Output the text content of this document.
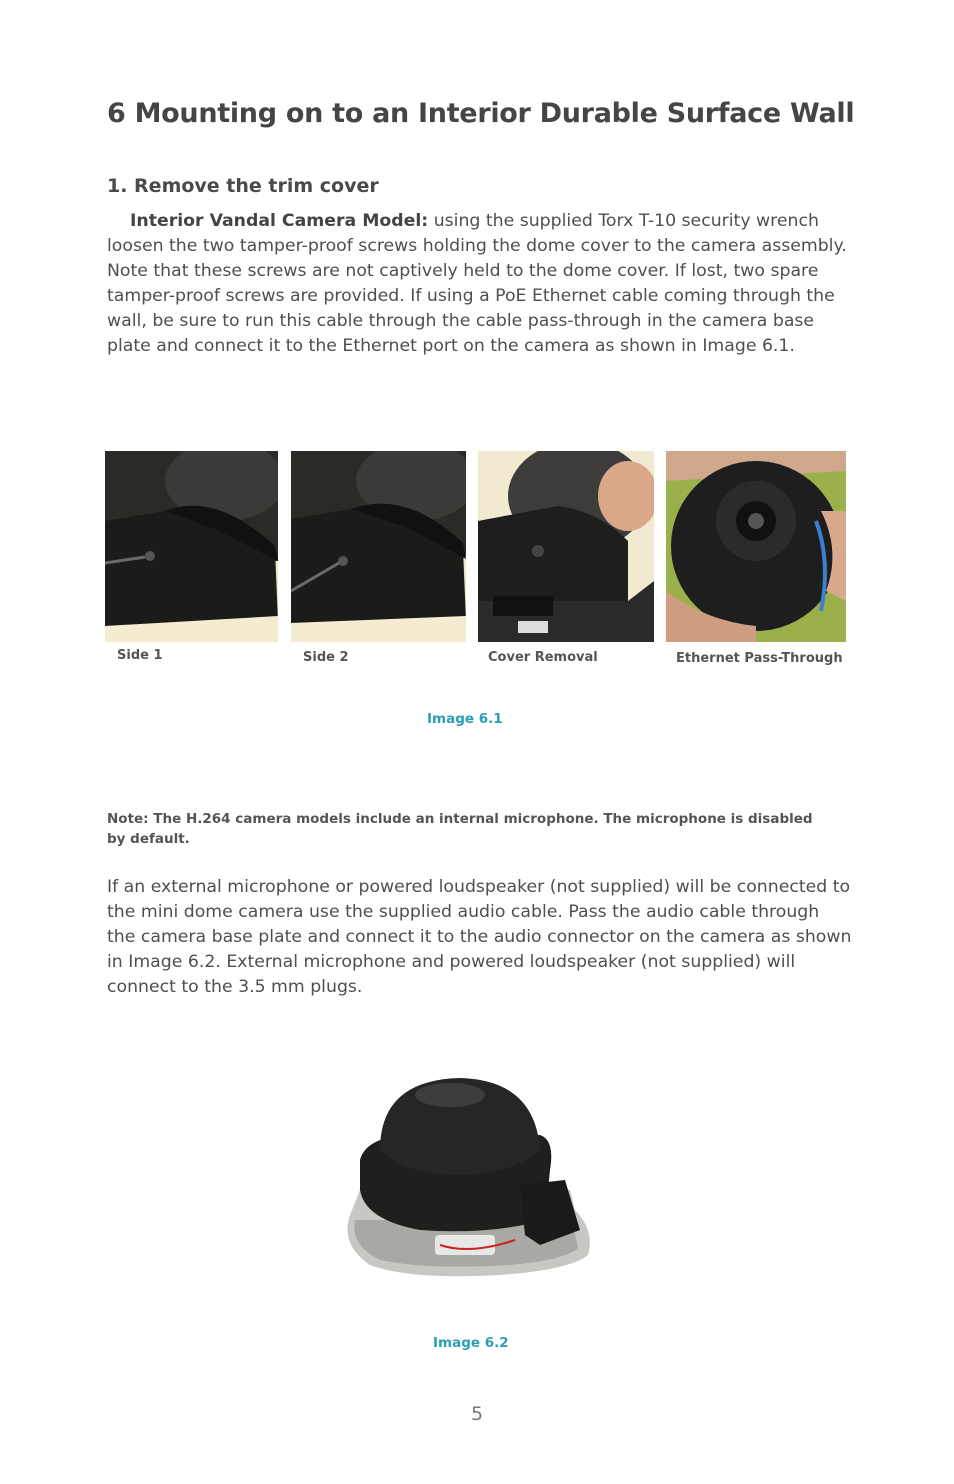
6 Mounting on to an Interior Durable Surface Wall
1. Remove the trim cover

Interior Vandal Camera Model: using the supplied Torx T-10 security wrench loosen the two tamper-proof screws holding the dome cover to the camera assembly. Note that these screws are not captively held to the dome cover. If lost, two spare tamper-proof screws are provided. If using a PoE Ethernet cable coming through the wall, be sure to run this cable through the cable pass-through in the camera base plate and connect it to the Ethernet port on the camera as shown in Image 6.1.

Side 1	Side 2	Cover Removal	Ethernet Pass-Through
Image 6.1

Note: The H.264 camera models include an internal microphone. The microphone is disabled by default.

If an external microphone or powered loudspeaker (not supplied) will be connected to the mini dome camera use the supplied audio cable. Pass the audio cable through the camera base plate and connect it to the audio connector on the camera as shown in Image 6.2. External microphone and powered loudspeaker (not supplied) will connect to the 3.5 mm plugs.

Image 6.2
5
